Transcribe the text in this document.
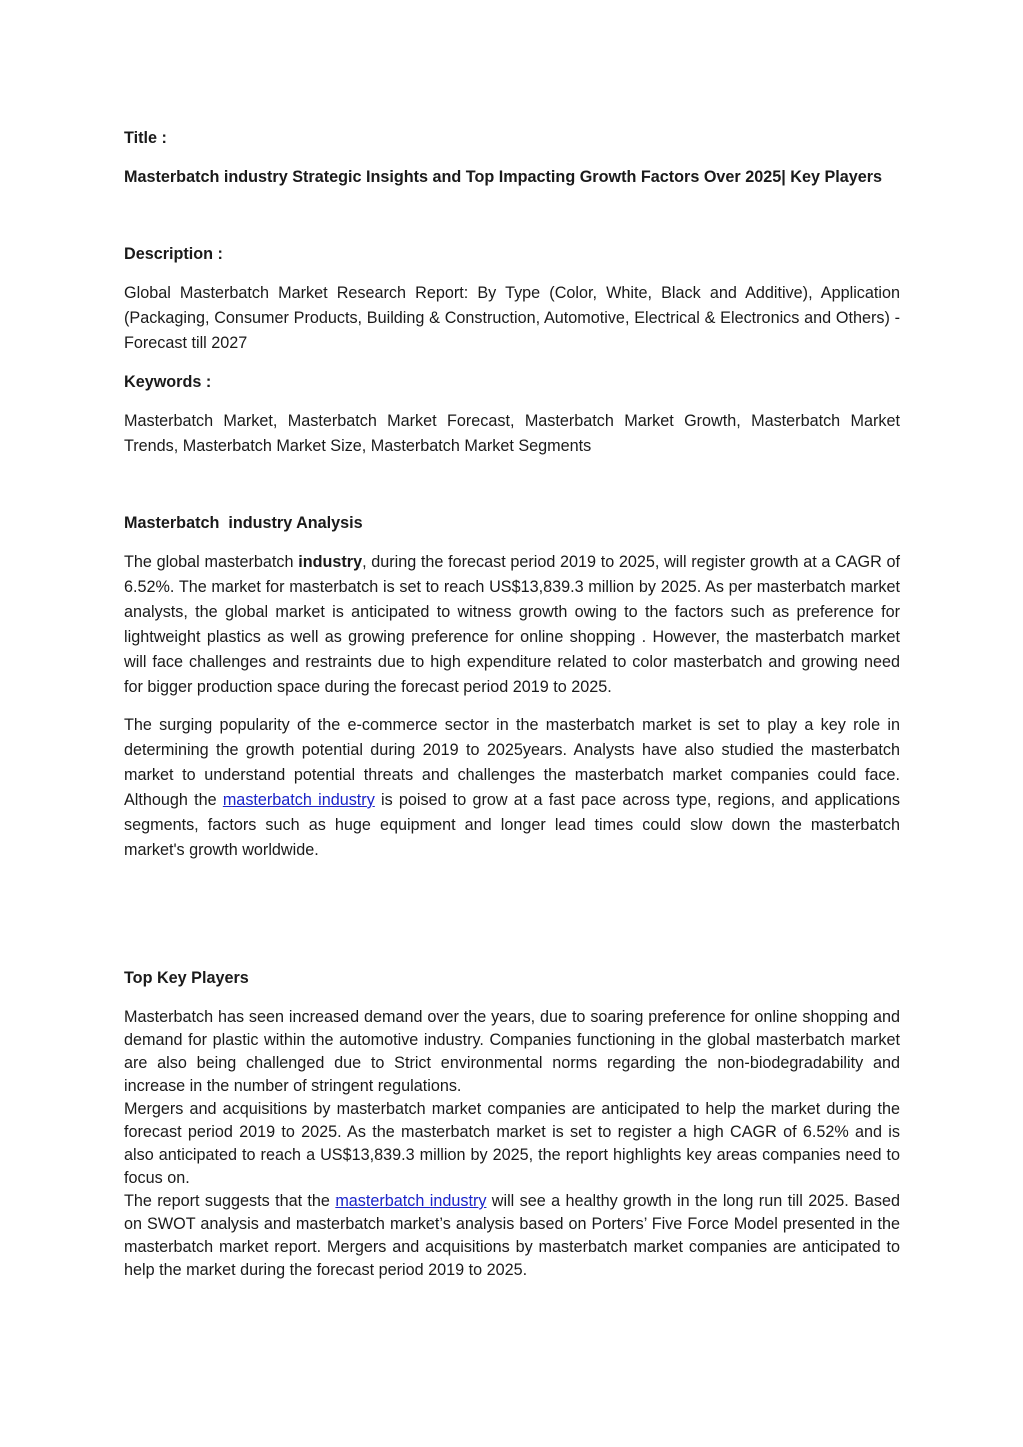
Title :

Masterbatch industry Strategic Insights and Top Impacting Growth Factors Over 2025| Key Players

Description :

Global Masterbatch Market Research Report: By Type (Color, White, Black and Additive), Application (Packaging, Consumer Products, Building & Construction, Automotive, Electrical & Electronics and Others) - Forecast till 2027

Keywords :

Masterbatch Market, Masterbatch Market Forecast, Masterbatch Market Growth, Masterbatch Market Trends, Masterbatch Market Size, Masterbatch Market Segments

Masterbatch  industry Analysis

The global masterbatch industry, during the forecast period 2019 to 2025, will register growth at a CAGR of 6.52%. The market for masterbatch is set to reach US$13,839.3 million by 2025. As per masterbatch market analysts, the global market is anticipated to witness growth owing to the factors such as preference for lightweight plastics as well as growing preference for online shopping . However, the masterbatch market will face challenges and restraints due to high expenditure related to color masterbatch and growing need for bigger production space during the forecast period 2019 to 2025.

The surging popularity of the e-commerce sector in the masterbatch market is set to play a key role in determining the growth potential during 2019 to 2025years. Analysts have also studied the masterbatch market to understand potential threats and challenges the masterbatch market companies could face. Although the masterbatch industry is poised to grow at a fast pace across type, regions, and applications segments, factors such as huge equipment and longer lead times could slow down the masterbatch market's growth worldwide.

Top Key Players

Masterbatch has seen increased demand over the years, due to soaring preference for online shopping and demand for plastic within the automotive industry. Companies functioning in the global masterbatch market are also being challenged due to Strict environmental norms regarding the non-biodegradability and increase in the number of stringent regulations.

Mergers and acquisitions by masterbatch market companies are anticipated to help the market during the forecast period 2019 to 2025. As the masterbatch market is set to register a high CAGR of 6.52% and is also anticipated to reach a US$13,839.3 million by 2025, the report highlights key areas companies need to focus on.

The report suggests that the masterbatch industry will see a healthy growth in the long run till 2025. Based on SWOT analysis and masterbatch market’s analysis based on Porters’ Five Force Model presented in the masterbatch market report. Mergers and acquisitions by masterbatch market companies are anticipated to help the market during the forecast period 2019 to 2025.
